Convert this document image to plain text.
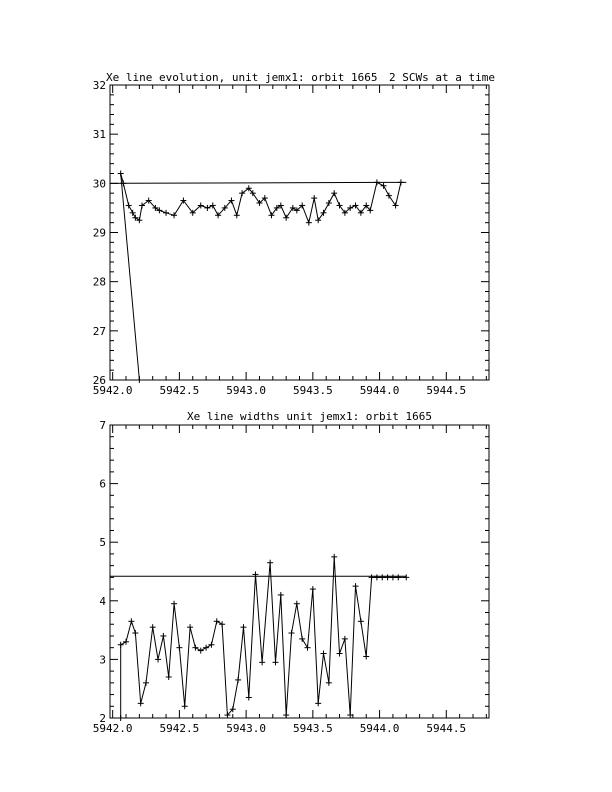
Xe line evolution, unit jemx1: orbit 1665 2 SCWs at a time
5942.0 5942.5 5943.0 5943.5 5944.0 5944.5
26
27
28
29
30
31
32
Xe line widths unit jemx1: orbit 1665
5942.0 5942.5 5943.0 5943.5 5944.0 5944.5
2
3
4
5
6
7
